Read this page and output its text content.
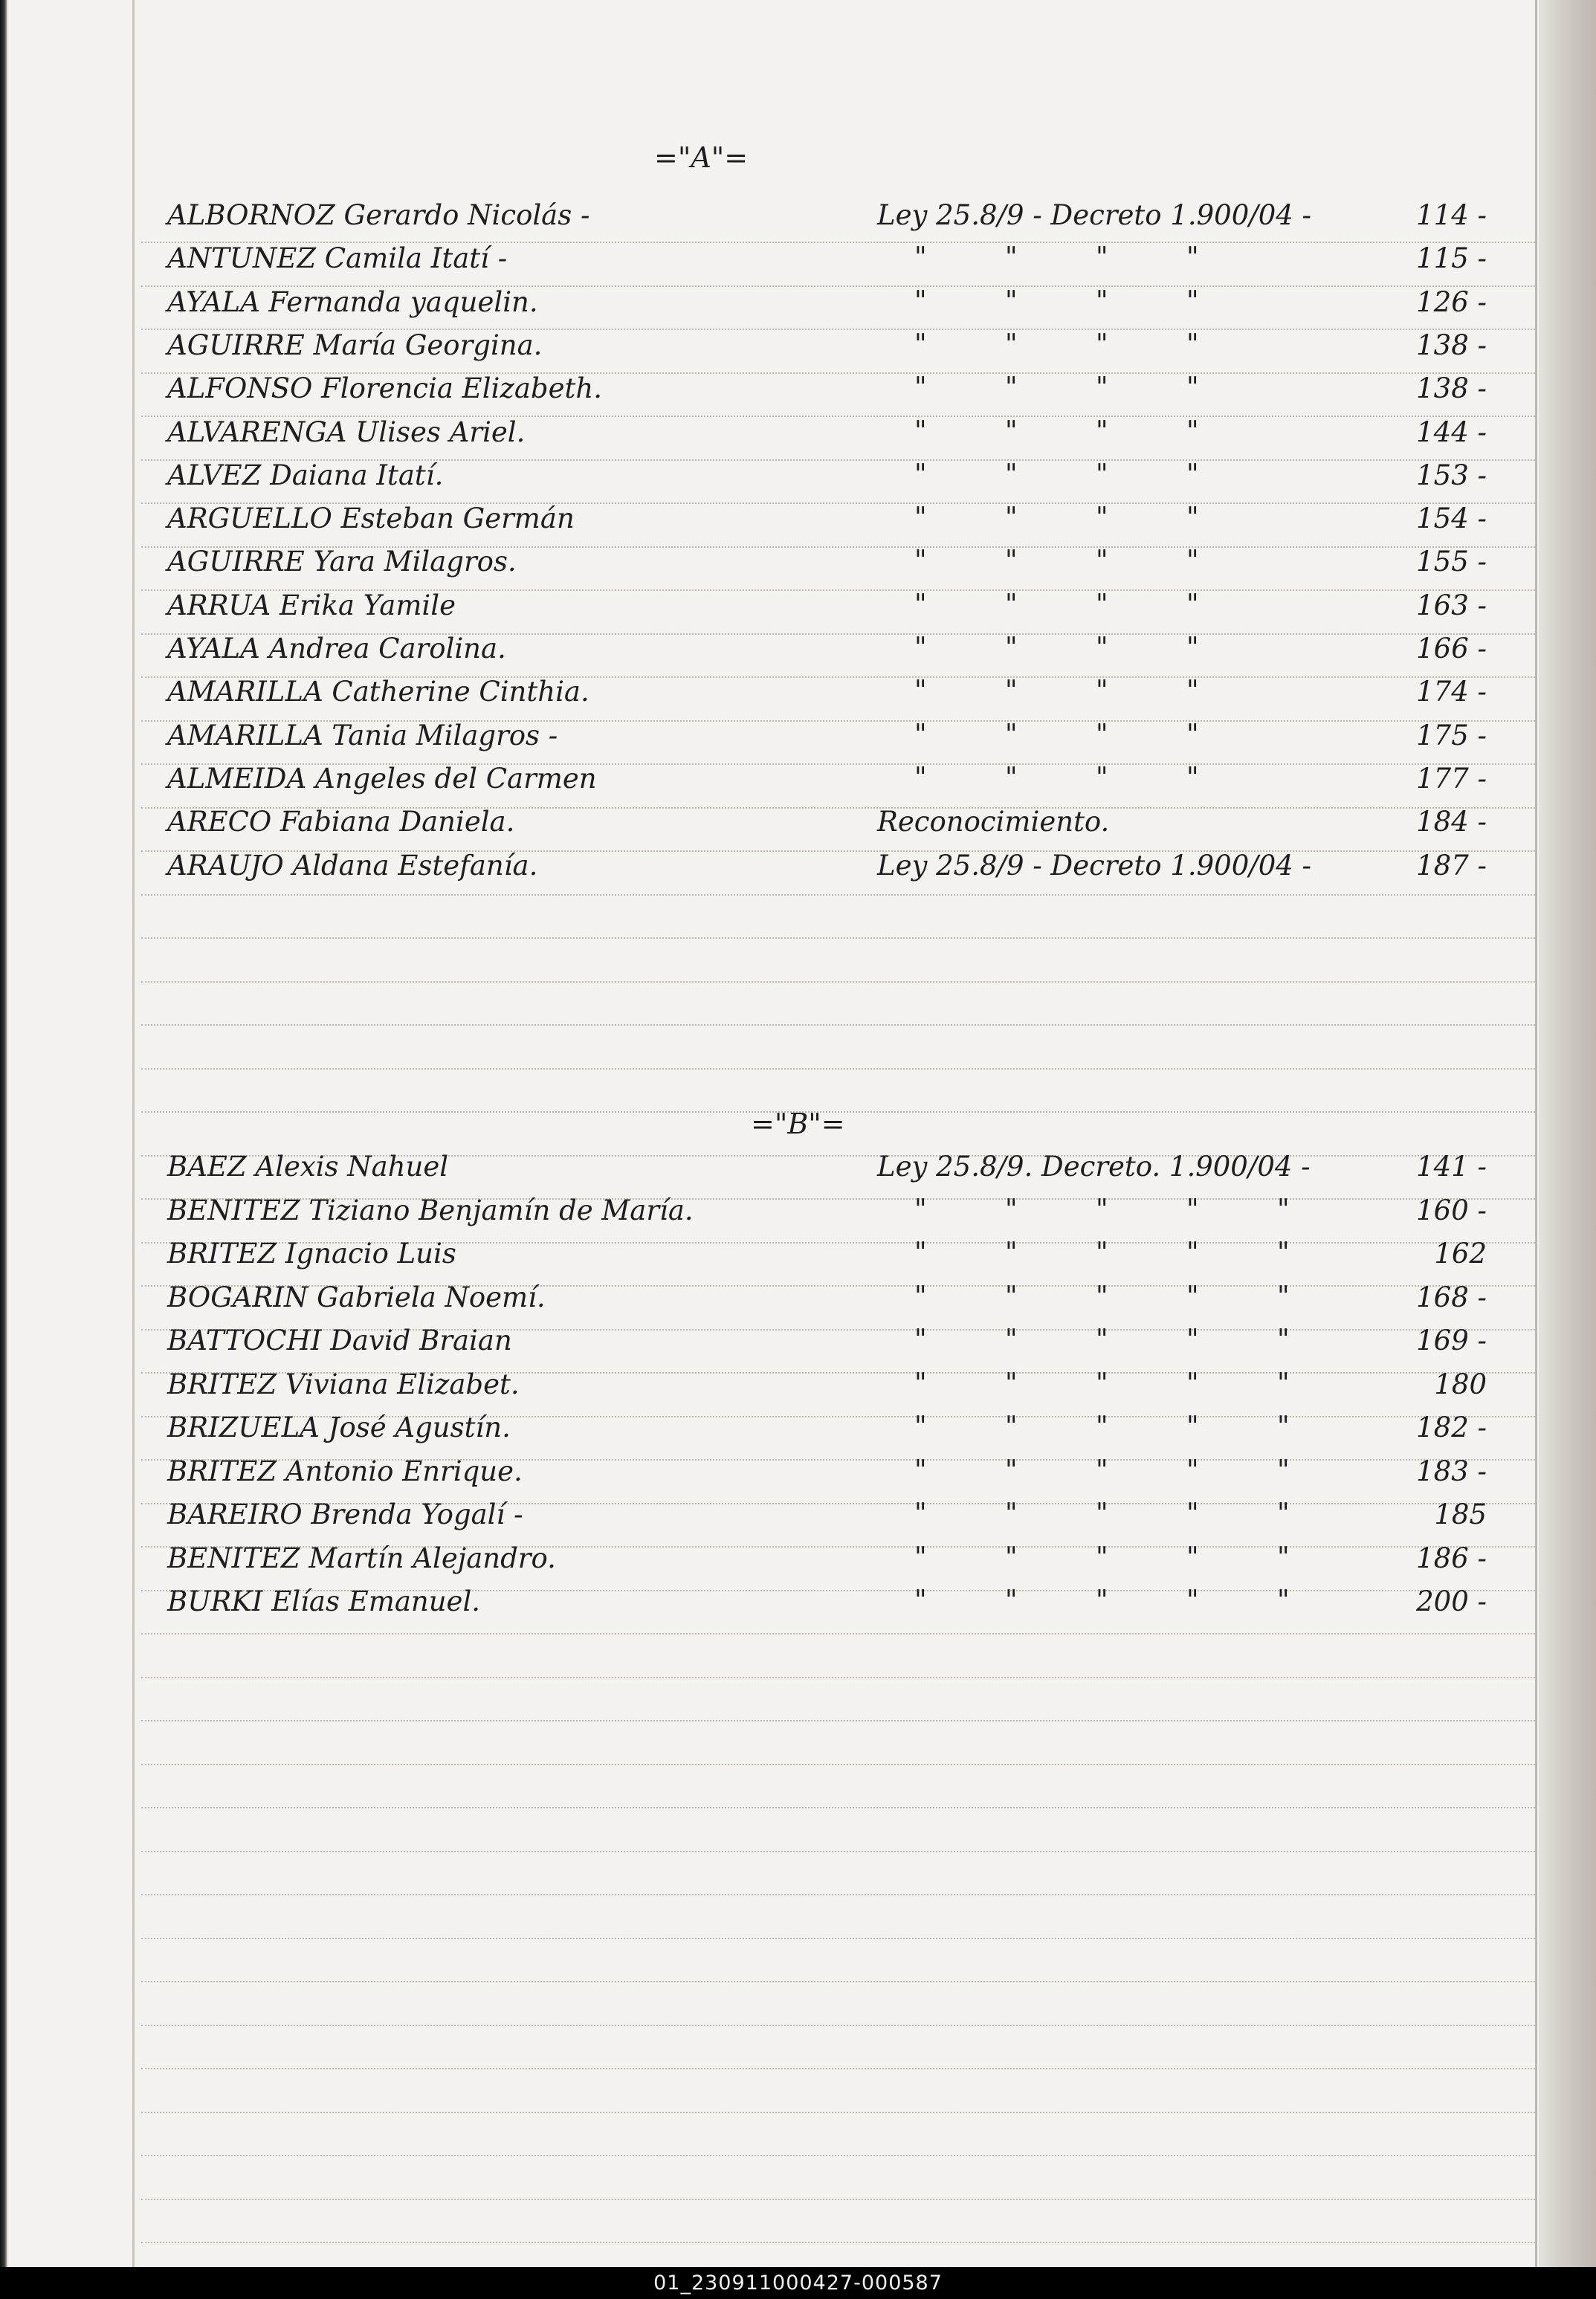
="A"=
ALBORNOZ Gerardo Nicolás -	Ley 25.8/9 - Decreto 1.900/04 -	114 -
ANTUNEZ Camila Itatí -	" " " "	115 -
AYALA Fernanda yaquelin.	" " " "	126 -
AGUIRRE María Georgina.	" " " "	138 -
ALFONSO Florencia Elizabeth.	" " " "	138 -
ALVARENGA Ulises Ariel.	" " " "	144 -
ALVEZ Daiana Itatí.	" " " "	153 -
ARGUELLO Esteban Germán	" " " "	154 -
AGUIRRE Yara Milagros.	" " " "	155 -
ARRUA Erika Yamile	" " " "	163 -
AYALA Andrea Carolina.	" " " "	166 -
AMARILLA Catherine Cinthia.	" " " "	174 -
AMARILLA Tania Milagros -	" " " "	175 -
ALMEIDA Angeles del Carmen	" " " "	177 -
ARECO Fabiana Daniela.	Reconocimiento.	184 -
ARAUJO Aldana Estefanía.	Ley 25.8/9 - Decreto 1.900/04 -	187 -
="B"=
BAEZ Alexis Nahuel	Ley 25.8/9. Decreto. 1.900/04 -	141 -
BENITEZ Tiziano Benjamín de María.	" " " " "	160 -
BRITEZ Ignacio Luis	" " " " "	162
BOGARIN Gabriela Noemí.	" " " " "	168 -
BATTOCHI David Braian	" " " " "	169 -
BRITEZ Viviana Elizabet.	" " " " "	180
BRIZUELA José Agustín.	" " " " "	182 -
BRITEZ Antonio Enrique.	" " " " "	183 -
BAREIRO Brenda Yogalí -	" " " " "	185
BENITEZ Martín Alejandro.	" " " " "	186 -
BURKI Elías Emanuel.	" " " " "	200 -
01_230911000427-000587
